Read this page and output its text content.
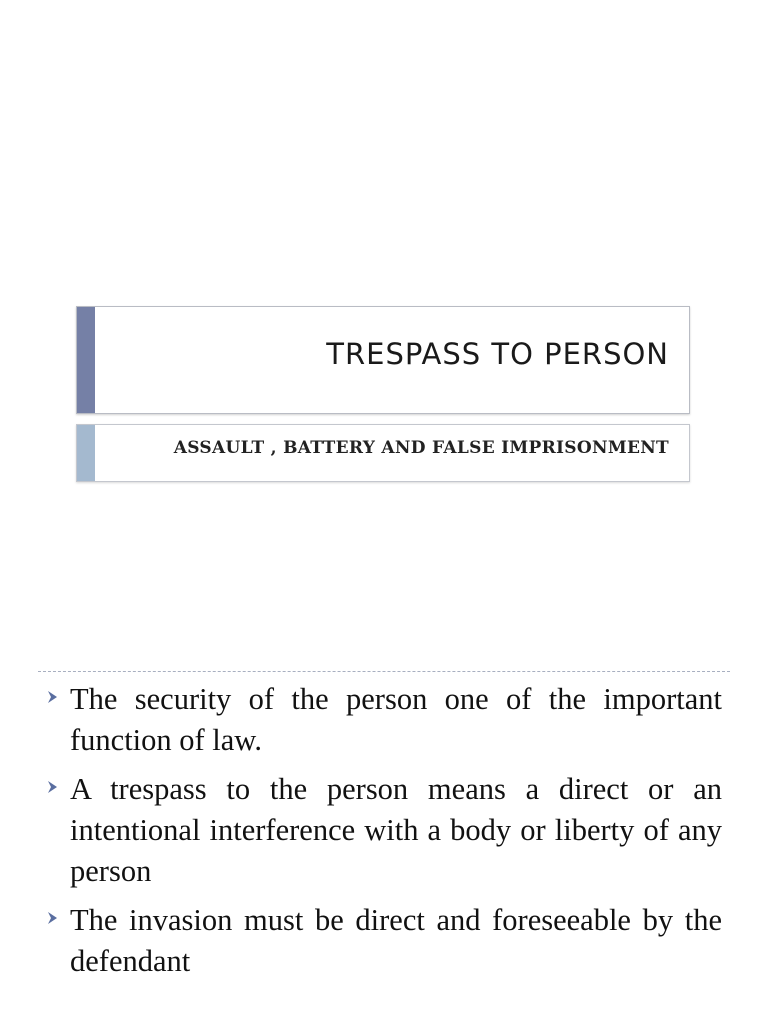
TRESPASS TO PERSON
ASSAULT , BATTERY AND FALSE IMPRISONMENT
The security of the person one of the important function of law.
A trespass to the person means a direct or an intentional interference with a body or liberty of any person
The invasion must be direct and foreseeable by the defendant
